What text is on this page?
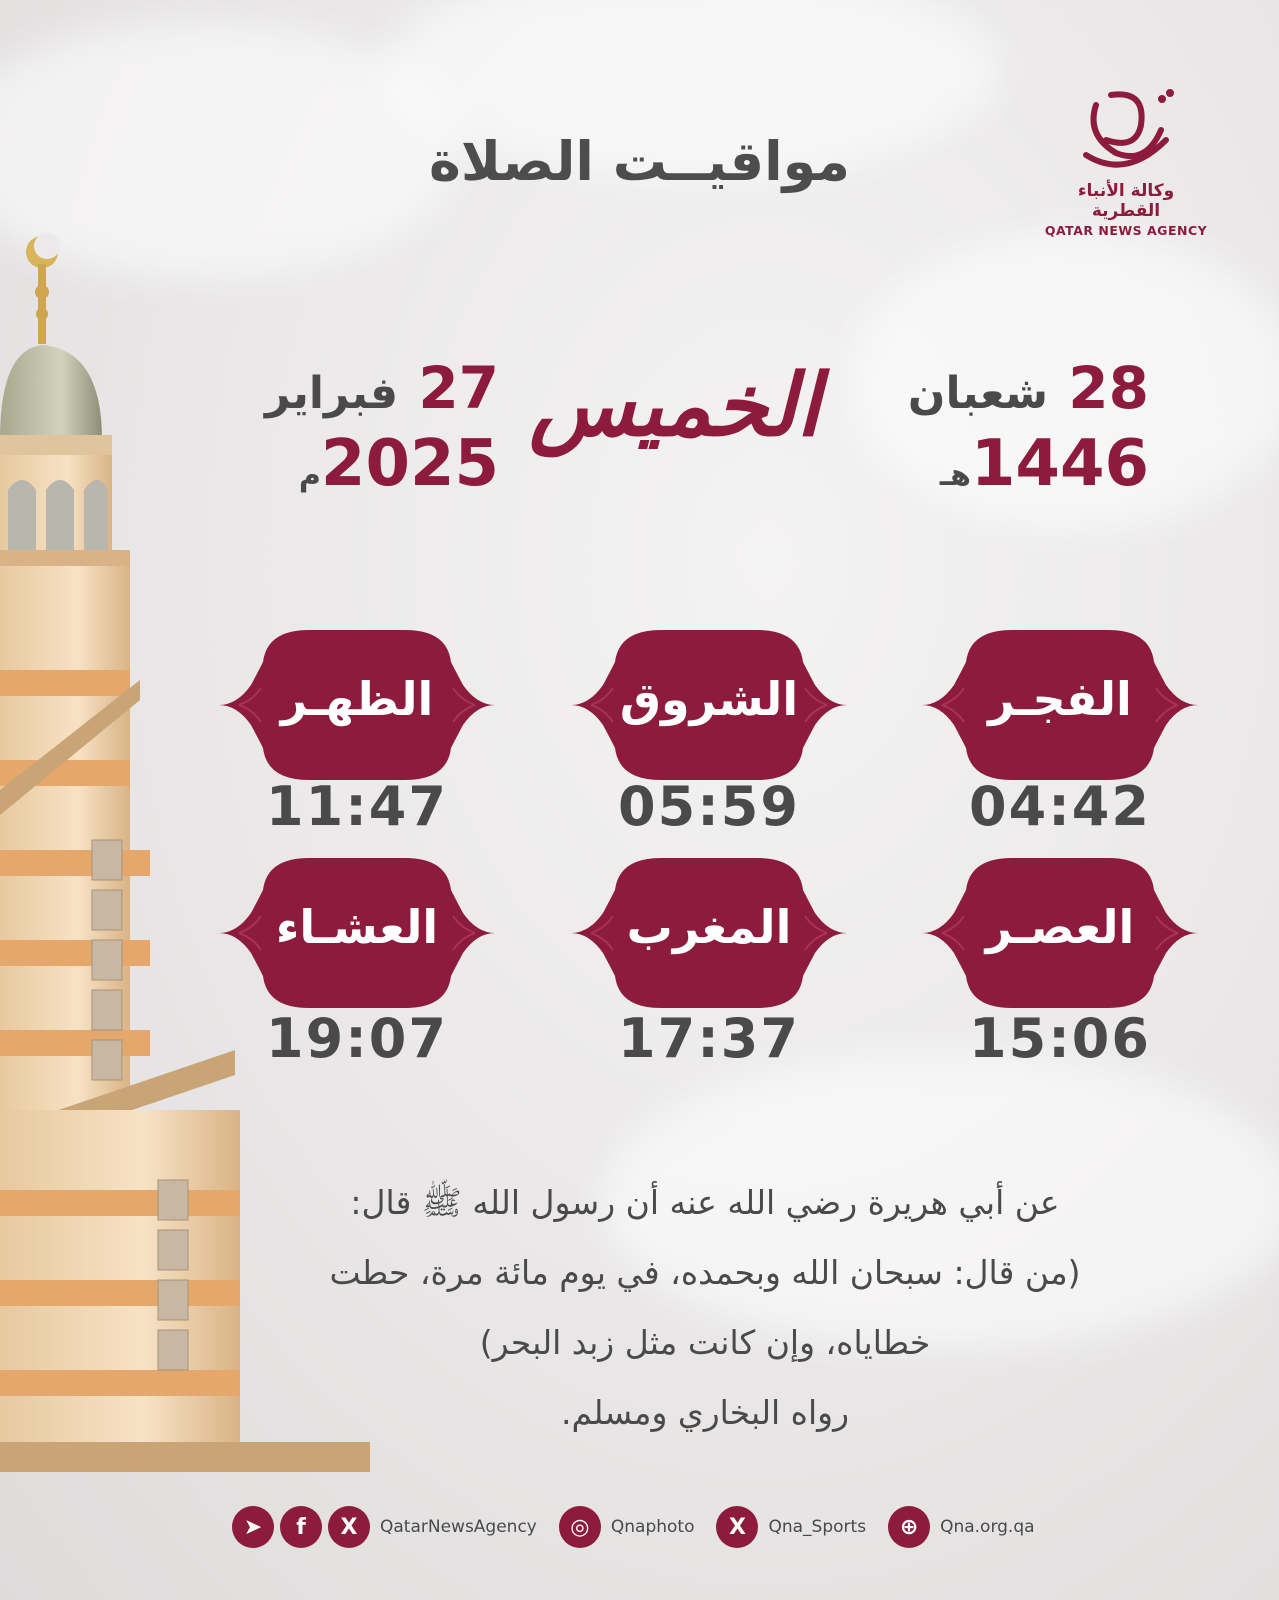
وكالة الأنباء القطرية
QATAR NEWS AGENCY
مواقيــت الصلاة
28 شعبان
1446هـ
الخميس
27 فبراير
2025م
الفجـر
04:42
الشروق
05:59
الظهـر
11:47
العصـر
15:06
المغرب
17:37
العشـاء
19:07
عن أبي هريرة رضي الله عنه أن رسول الله ﷺ قال:
(من قال: سبحان الله وبحمده، في يوم مائة مرة، حطت
خطاياه، وإن كانت مثل زبد البحر)
رواه البخاري ومسلم.
➤	f	X	QatarNewsAgency	◎	Qnaphoto	X	Qna_Sports	⊕	Qna.org.qa
